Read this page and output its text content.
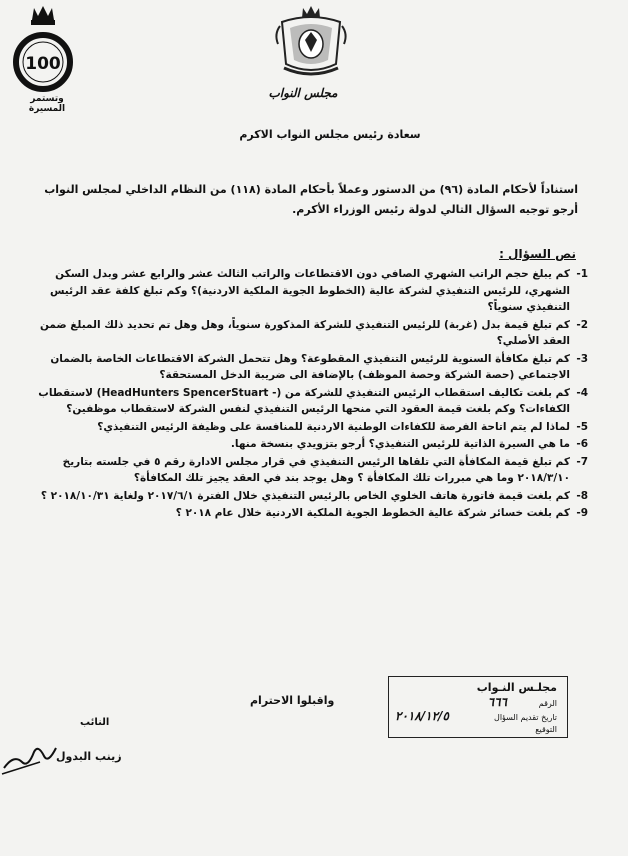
100
وتستمر المسيرة
مجلس النواب
سعادة رئيس مجلس النواب الاكرم
استناداً لأحكام المادة (٩٦) من الدستور وعملاً بأحكام المادة (١١٨) من النظام الداخلي لمجلس النواب أرجو توجيه السؤال التالي لدولة رئيس الوزراء الأكرم.
نص السؤال :
1-
كم يبلغ حجم الراتب الشهري الصافي دون الاقتطاعات والراتب الثالث عشر والرابع عشر وبدل السكن الشهري، للرئيس التنفيذي لشركة عالية (الخطوط الجوية الملكية الاردنية)؟ وكم تبلغ كلفة عقد الرئيس التنفيذي سنوياً؟
2-
كم تبلغ قيمة بدل (غربة) للرئيس التنفيذي للشركة المذكورة سنوياً، وهل وهل تم تحديد ذلك المبلغ ضمن العقد الأصلي؟
3-
كم تبلغ مكافأة السنوية للرئيس التنفيذي المقطوعة؟ وهل تتحمل الشركة الاقتطاعات الخاصة بالضمان الاجتماعي (حصة الشركة وحصة الموظف) بالإضافة الى ضريبة الدخل المستحقة؟
4-
كم بلغت تكاليف استقطاب الرئيس التنفيذي للشركة من (- HeadHunters SpencerStuart) لاستقطاب الكفاءات؟ وكم بلغت قيمة العقود التي منحها الرئيس التنفيذي لنفس الشركة لاستقطاب موظفين؟
5-
لماذا لم يتم اتاحة الفرصة للكفاءات الوطنية الاردنية للمنافسة على وظيفة الرئيس التنفيذي؟
6-
ما هي السيرة الذاتية للرئيس التنفيذي؟ أرجو بتزويدي بنسخة منها.
7-
كم تبلغ قيمة المكافأة التي تلقاها الرئيس التنفيذي في قرار مجلس الادارة رقم ٥ في جلسته بتاريخ ٢٠١٨/٣/١٠ وما هي مبررات تلك المكافأة ؟ وهل يوجد بند في العقد يجيز تلك المكافأة؟
8-
كم بلغت قيمة فاتورة هاتف الخلوي الخاص بالرئيس التنفيذي خلال الفترة ٢٠١٧/٦/١ ولغاية ٢٠١٨/١٠/٣١ ؟
9-
كم بلغت خسائر شركة عالية الخطوط الجوية الملكية الاردنية خلال عام ٢٠١٨ ؟
مجلـس النـواب
الرقم
٦٦٦
تاريخ تقديم السؤال
٢٠١٨/١٢/٥
التوقيع
واقبلوا الاحترام
النائب
زينب البدول
